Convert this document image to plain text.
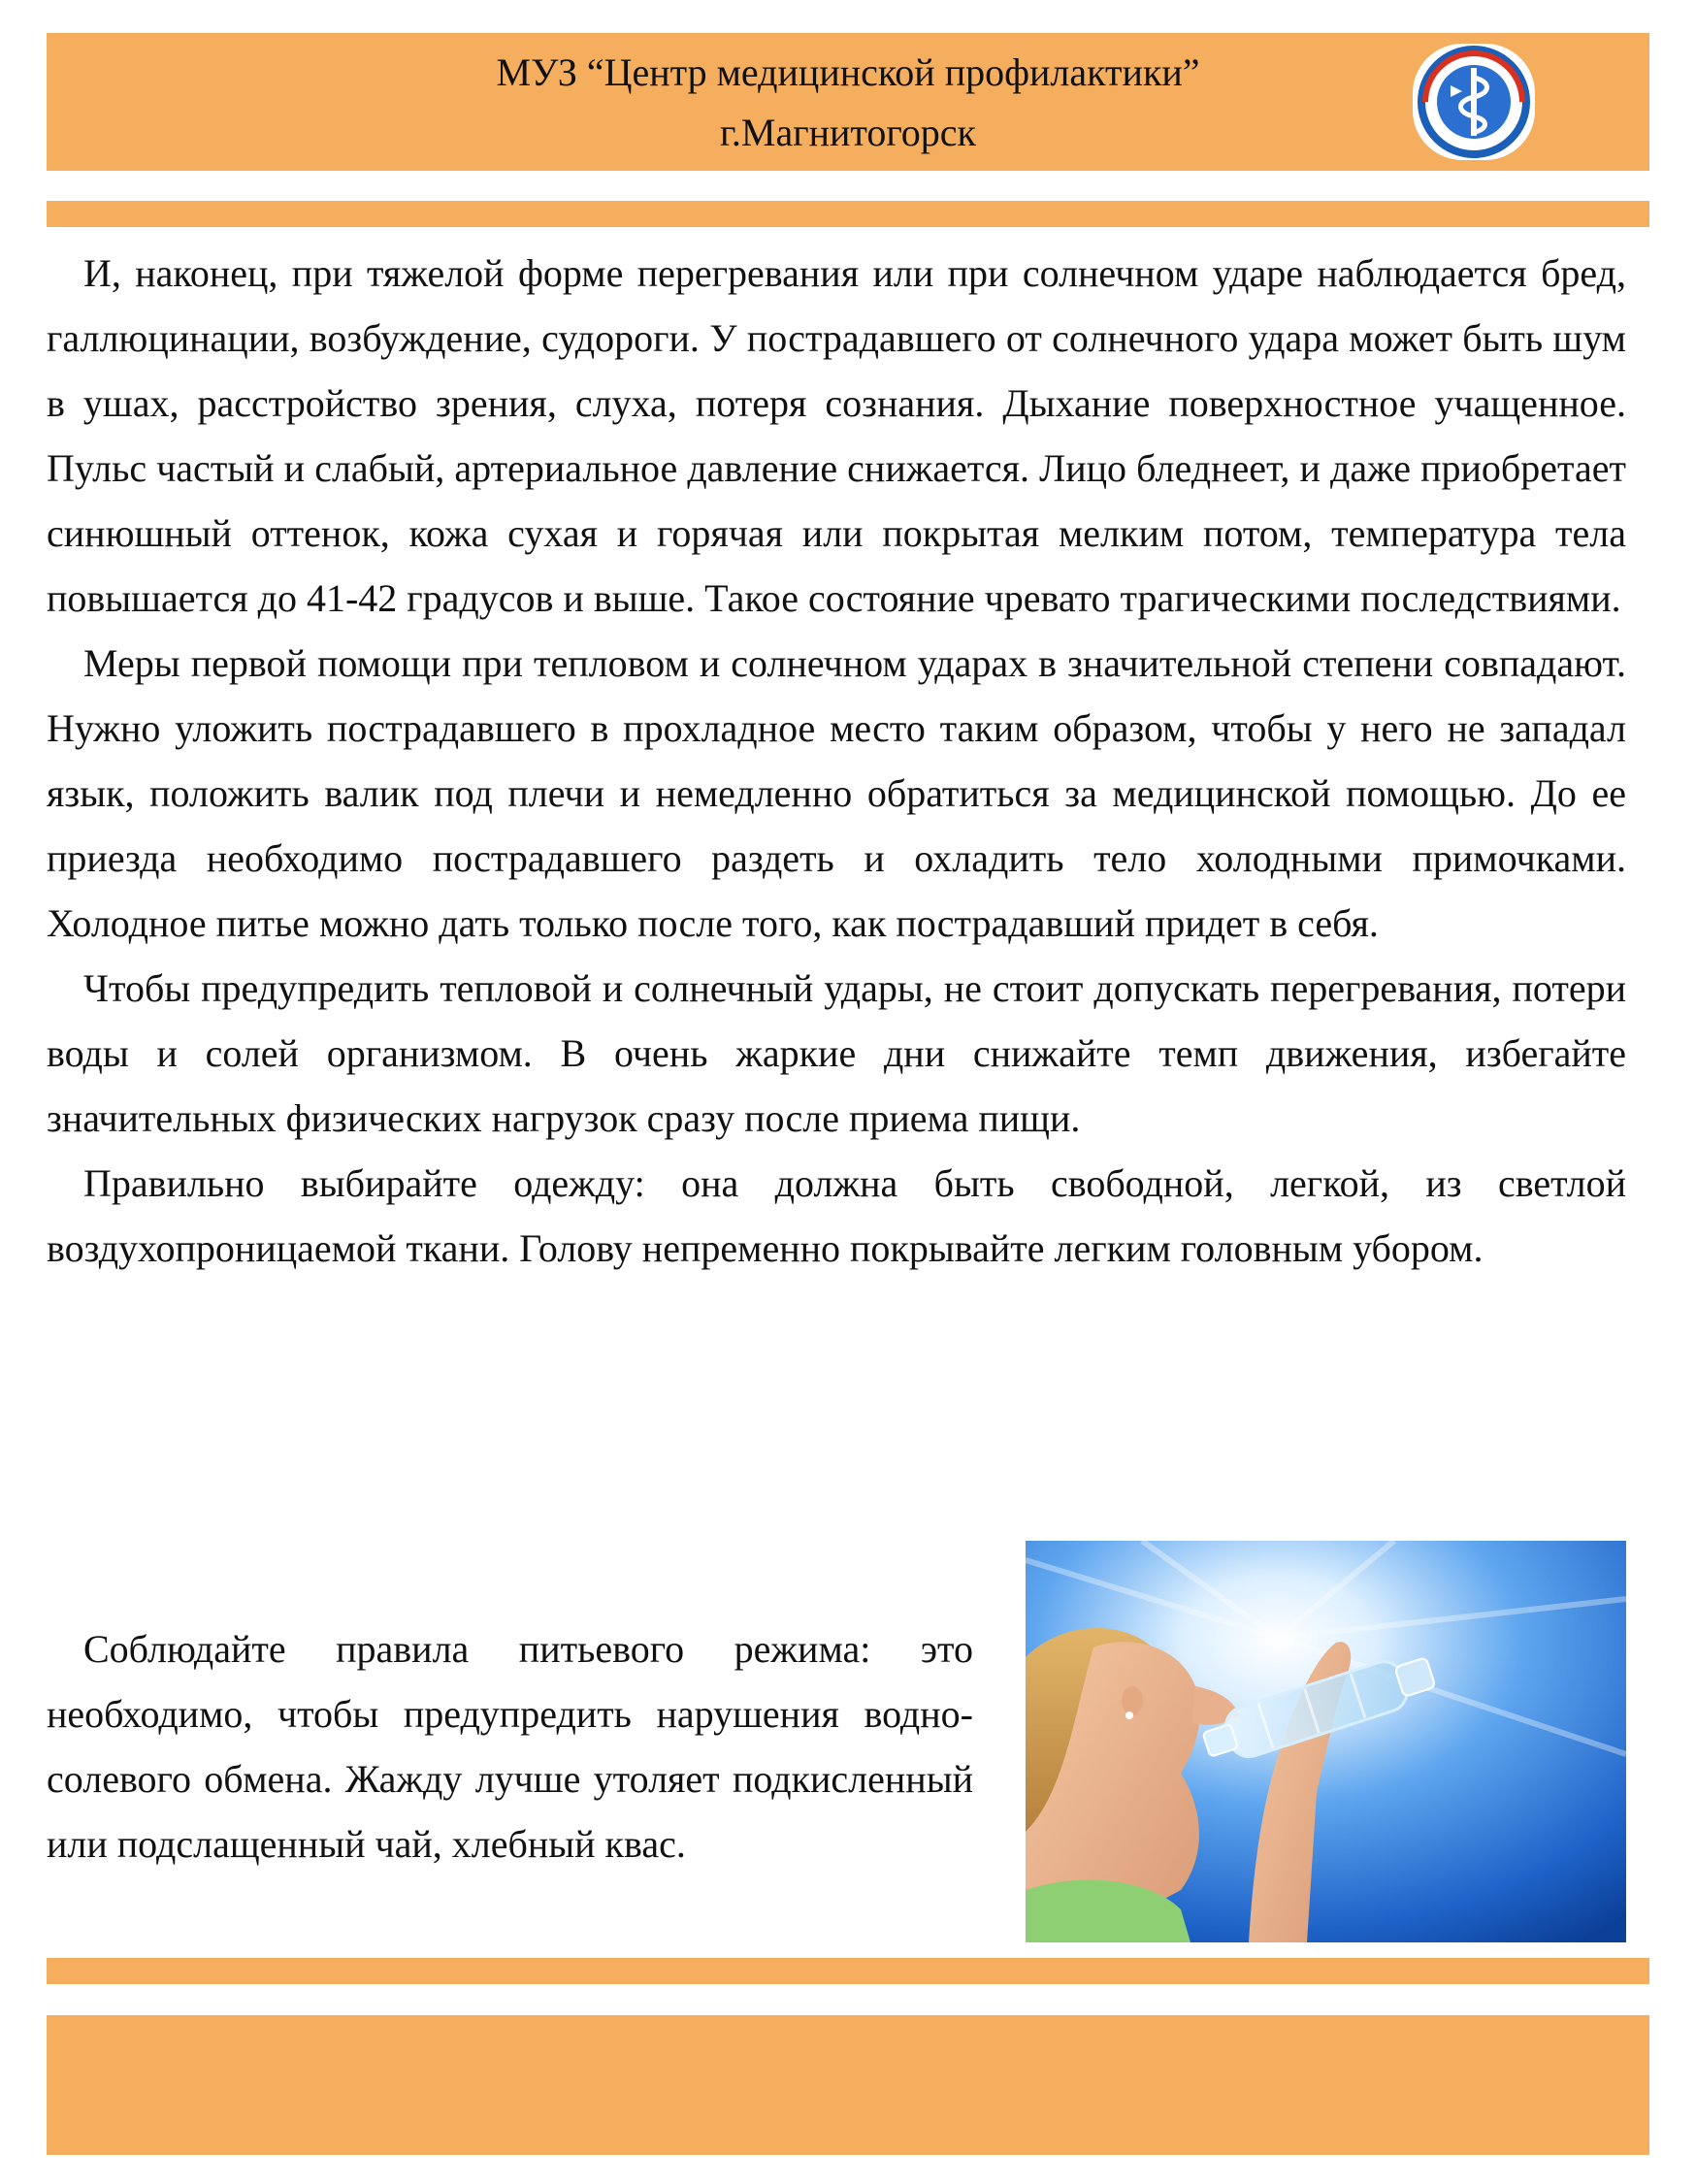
МУЗ “Центр медицинской профилактики”
г.Магнитогорск

И, наконец, при тяжелой форме перегревания или при солнечном ударе наблюдается бред, галлюцинации, возбуждение, судороги. У пострадавшего от солнечного удара может быть шум в ушах, расстройство зрения, слуха, потеря сознания. Дыхание поверхностное учащенное. Пульс частый и слабый, артериальное давление снижается. Лицо бледнеет, и даже приобретает синюшный оттенок, кожа сухая и горячая или покрытая мелким потом, температура тела повышается до 41-42 градусов и выше. Такое состояние чревато трагическими последствиями.

Меры первой помощи при тепловом и солнечном ударах в значительной степени совпадают. Нужно уложить пострадавшего в прохладное место таким образом, чтобы у него не западал язык, положить валик под плечи и немедленно обратиться за медицинской помощью. До ее приезда необходимо пострадавшего раздеть и охладить тело холодными примочками. Холодное питье можно дать только после того, как пострадавший придет в себя.

Чтобы предупредить тепловой и солнечный удары, не стоит допускать перегревания, потери воды и солей организмом. В очень жаркие дни снижайте темп движения, избегайте значительных физических нагрузок сразу после приема пищи.

Правильно выбирайте одежду: она должна быть свободной, легкой, из светлой воздухопроницаемой ткани. Голову непременно покрывайте легким головным убором.

Соблюдайте правила питьевого режима: это необходимо, чтобы предупредить нарушения водно-солевого обмена. Жажду лучше утоляет подкисленный или подслащенный чай, хлебный квас.
